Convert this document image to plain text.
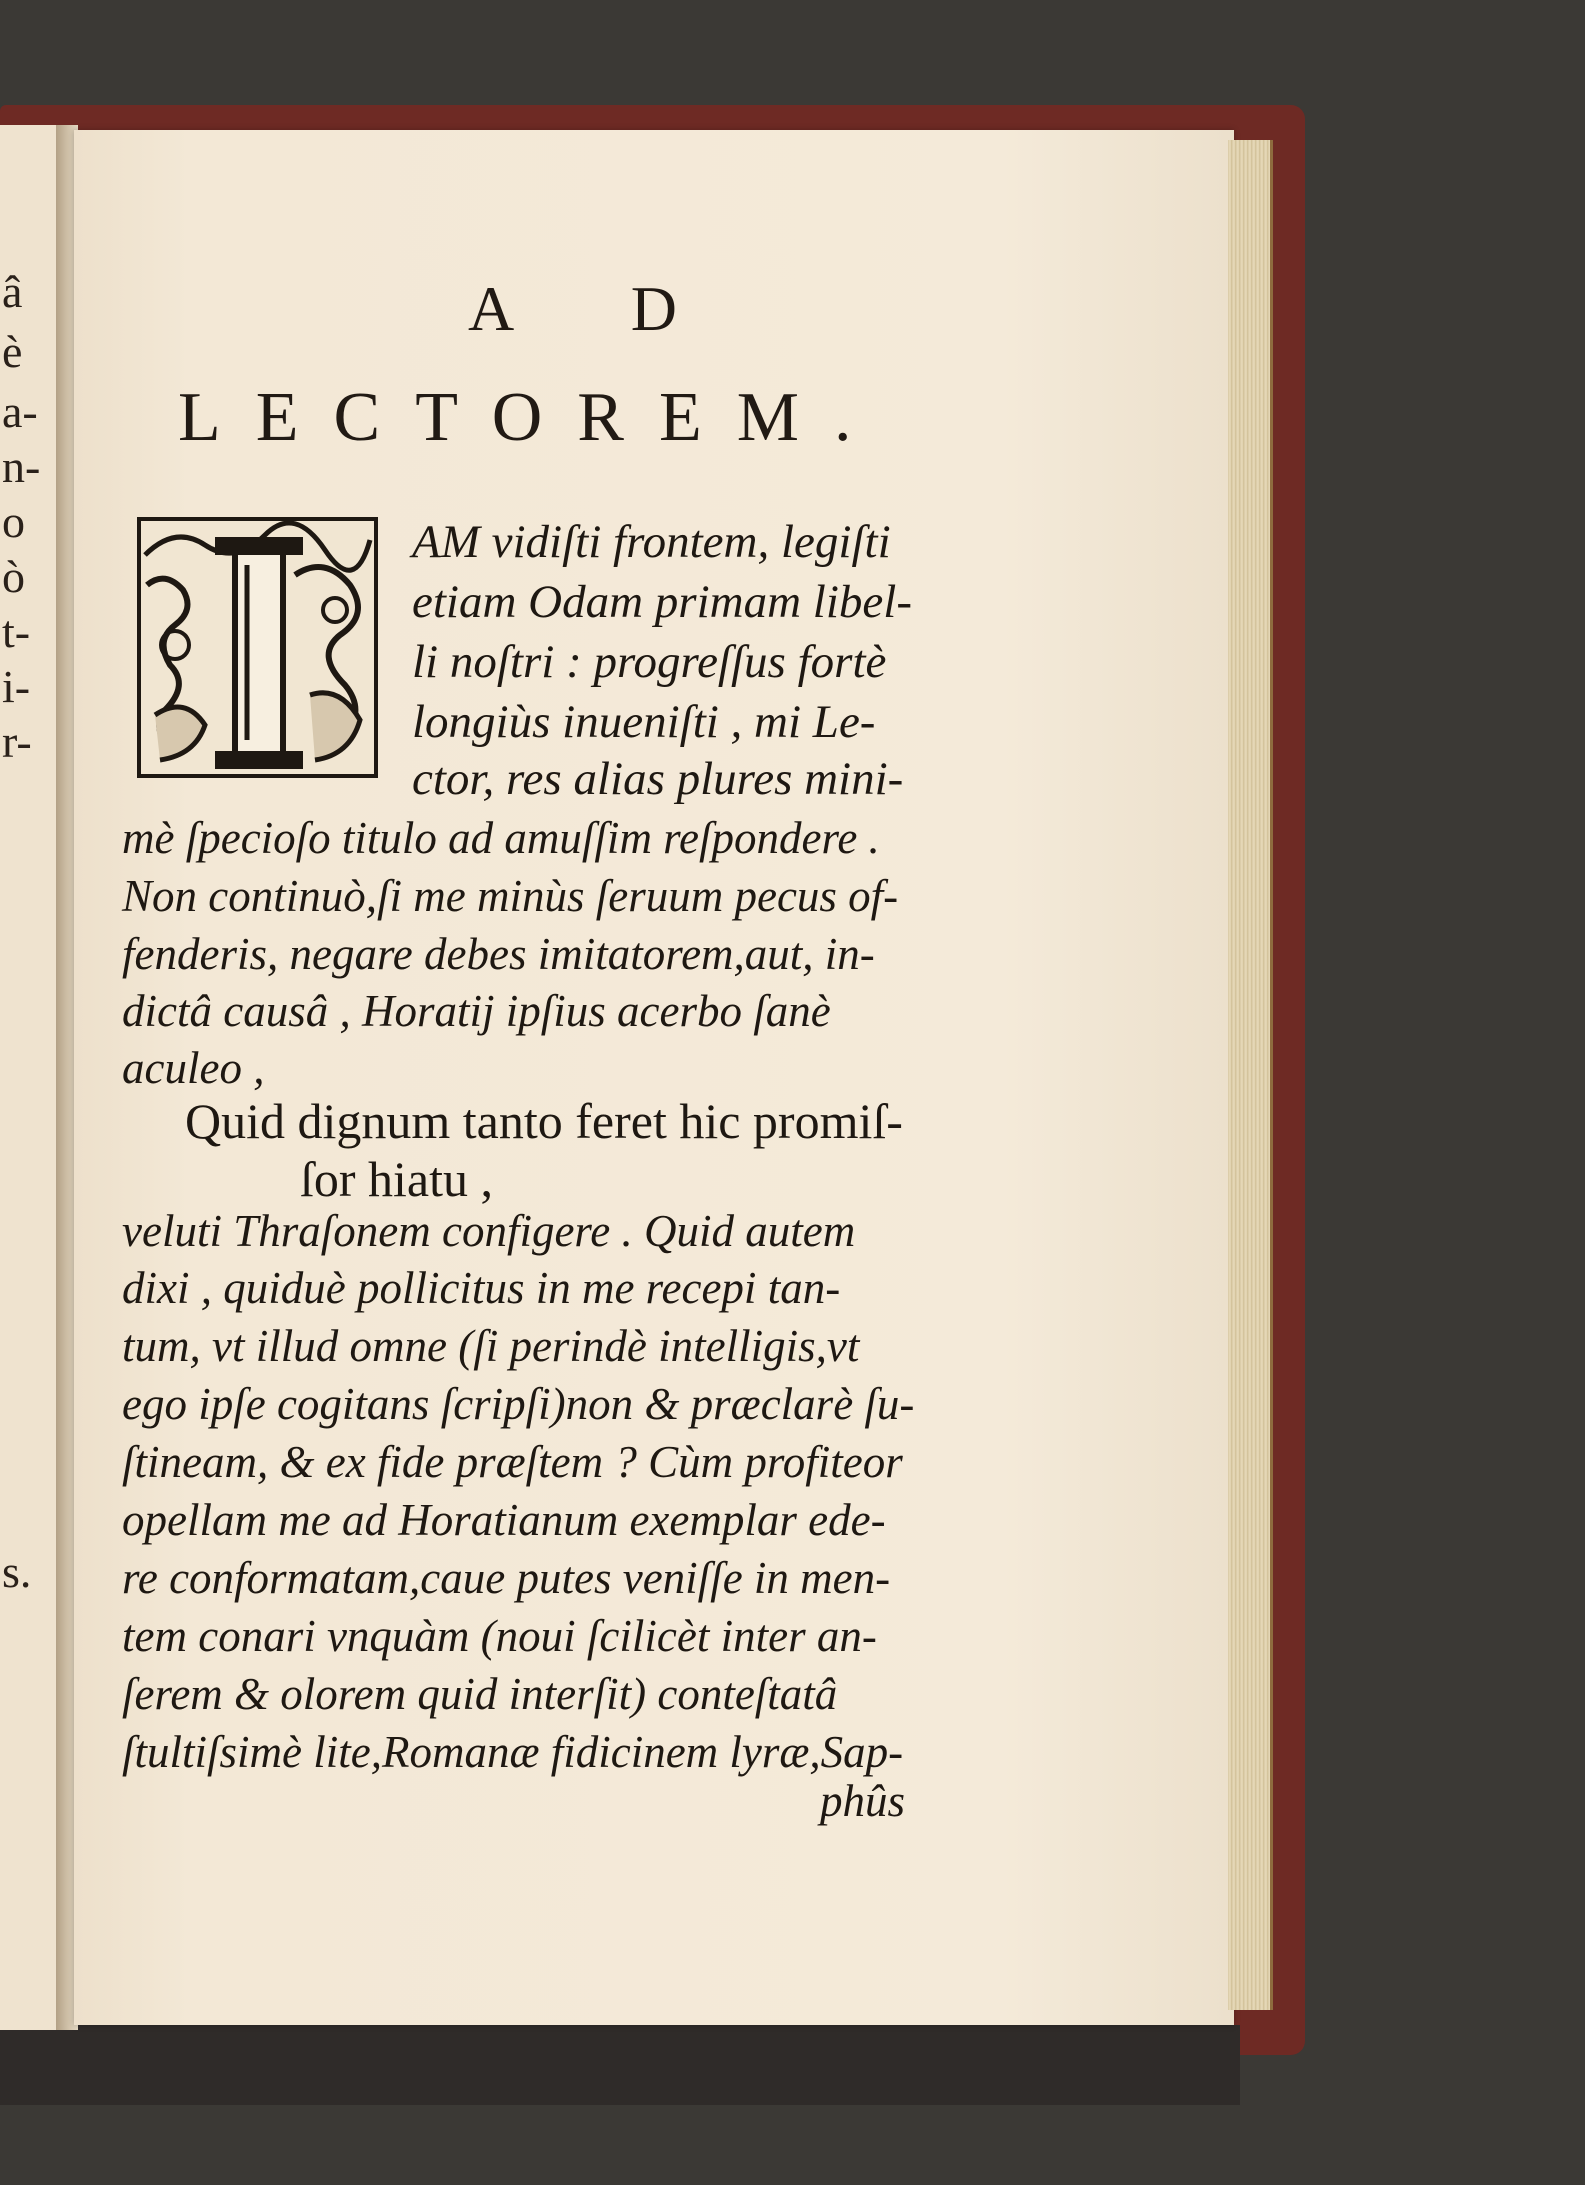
â
è
a-
n-
o
ò
t-
i-
r-
s.
A D
LECTOREM.
I
AM vidiſti frontem, legiſti
etiam Odam primam libel-
li noſtri : progreſſus fortè
longiùs inueniſti , mi Le-
ctor, res alias plures mini-
mè ſpecioſo titulo ad amuſſim reſpondere .
Non continuò,ſi me minùs ſeruum pecus of-
fenderis, negare debes imitatorem,aut, in-
dictâ causâ , Horatij ipſius acerbo ſanè
aculeo ,
Quid dignum tanto feret hic promiſ-
ſor hiatu ,
veluti Thraſonem configere . Quid autem
dixi , quiduè pollicitus in me recepi tan-
tum, vt illud omne (ſi perindè intelligis,vt
ego ipſe cogitans ſcripſi)non & præclarè ſu-
ſtineam, & ex fide præſtem ? Cùm profiteor
opellam me ad Horatianum exemplar ede-
re conformatam,caue putes veniſſe in men-
tem conari vnquàm (noui ſcilicèt inter an-
ſerem & olorem quid interſit) conteſtatâ
ſtultiſsimè lite,Romanæ fidicinem lyræ,Sap-
phûs
